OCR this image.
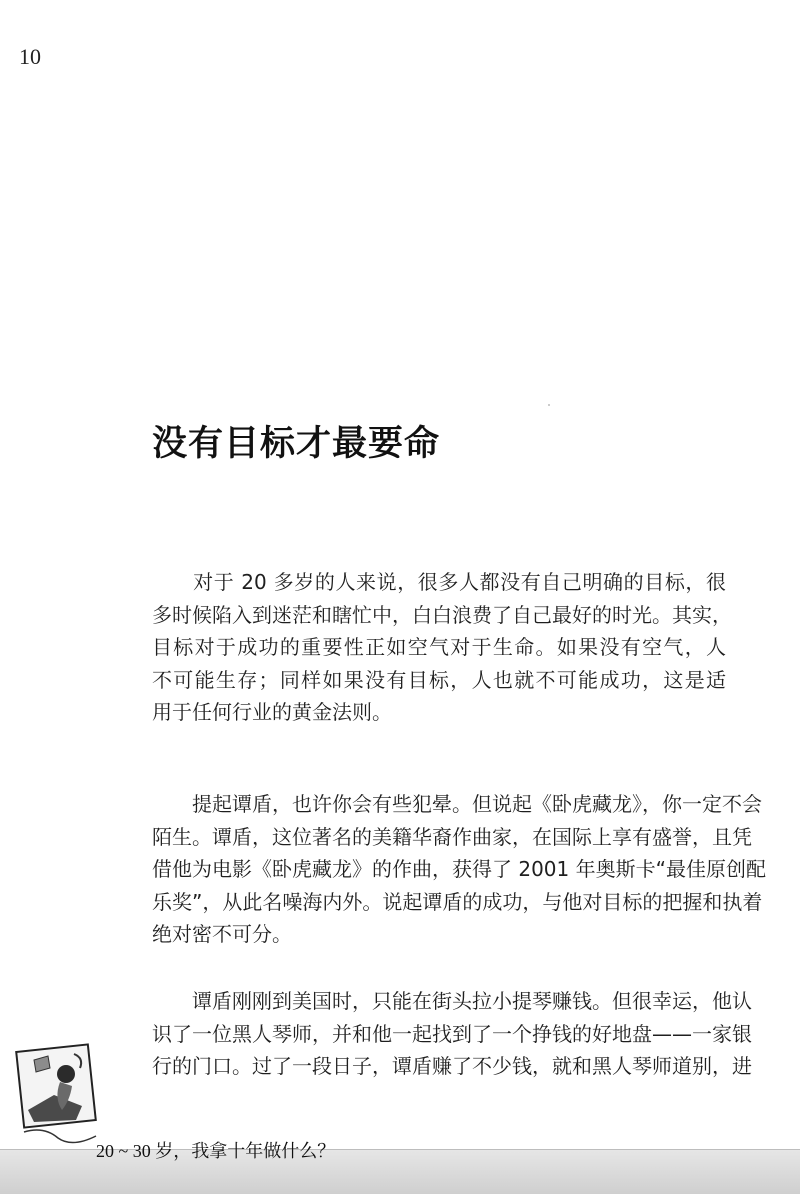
10
没有目标才最要命
　　对于 20 多岁的人来说，很多人都没有自己明确的目标，很
多时候陷入到迷茫和瞎忙中，白白浪费了自己最好的时光。其实，
目标对于成功的重要性正如空气对于生命。如果没有空气，人
不可能生存；同样如果没有目标，人也就不可能成功，这是适
用于任何行业的黄金法则。
　　提起谭盾，也许你会有些犯晕。但说起《卧虎藏龙》，你一定不会
陌生。谭盾，这位著名的美籍华裔作曲家，在国际上享有盛誉，且凭
借他为电影《卧虎藏龙》的作曲，获得了 2001 年奥斯卡“最佳原创配
乐奖”，从此名噪海内外。说起谭盾的成功，与他对目标的把握和执着
绝对密不可分。
　　谭盾刚刚到美国时，只能在街头拉小提琴赚钱。但很幸运，他认
识了一位黑人琴师，并和他一起找到了一个挣钱的好地盘——一家银
行的门口。过了一段日子，谭盾赚了不少钱，就和黑人琴师道别，进
20 ~ 30 岁，我拿十年做什么？
